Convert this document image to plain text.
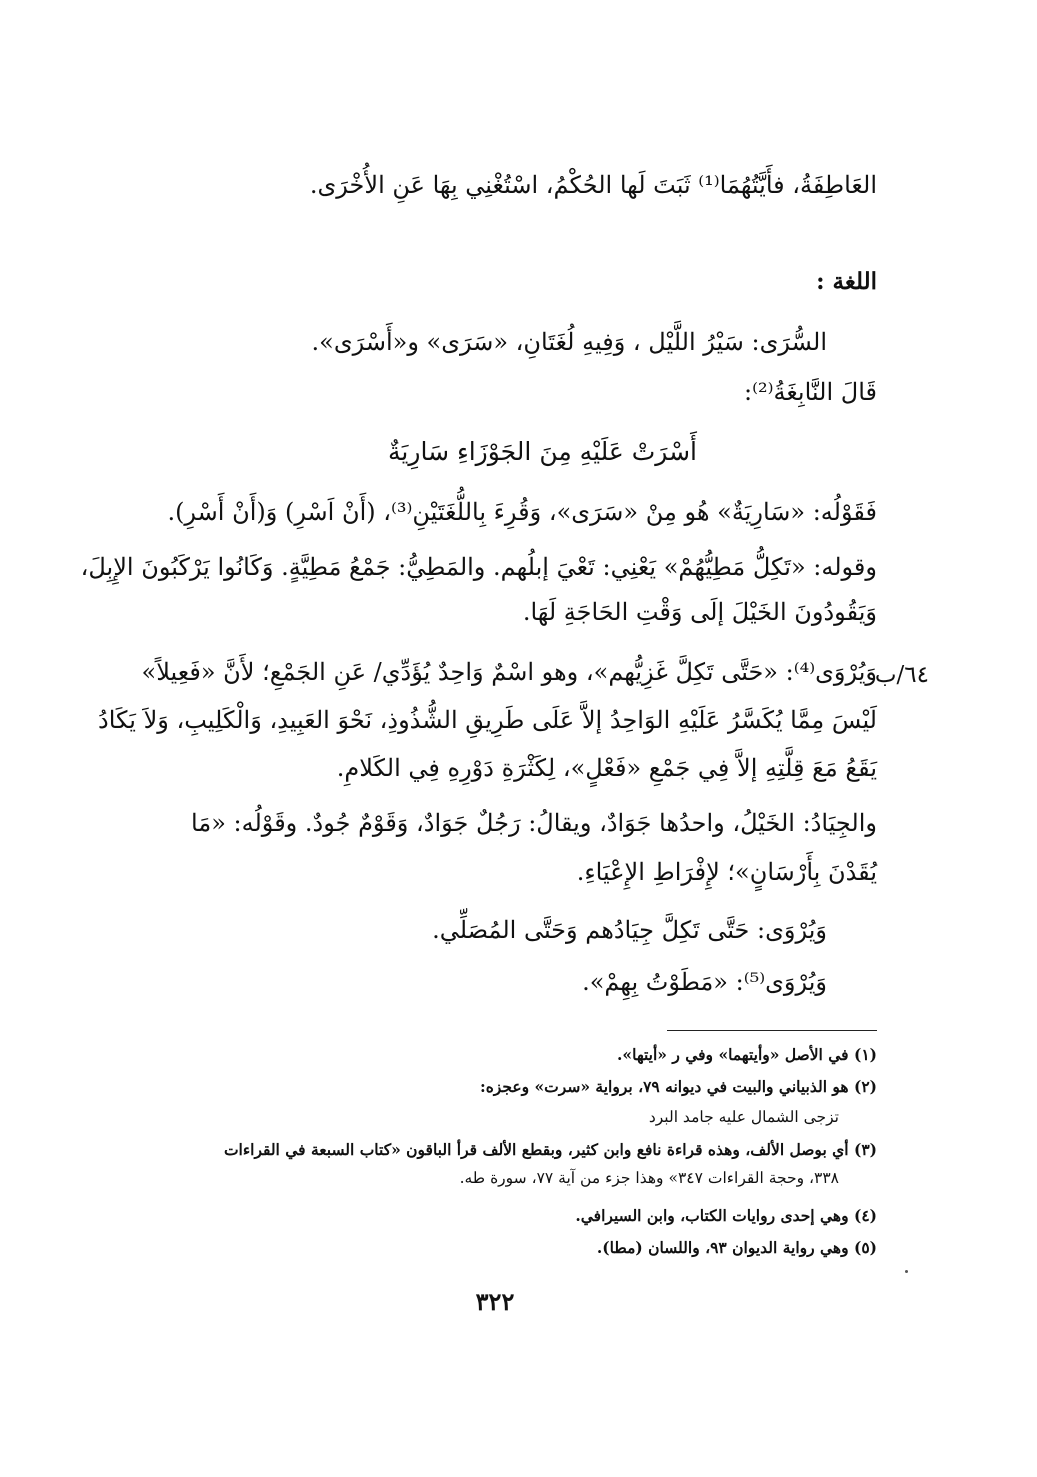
العَاطِفَةُ، فأَيَّتُهُمَا⁽¹⁾ ثَبَتَ لَها الحُكْمُ، اسْتُغْنِي بِهَا عَنِ الأُخْرَى.
اللغة :
السُّرَى: سَيْرُ اللَّيْل ، وَفِيهِ لُغَتَانِ، «سَرَى» و«أَسْرَى».
قَالَ النَّابِغَةُ⁽²⁾:
أَسْرَتْ عَلَيْهِ مِنَ الجَوْزَاءِ سَارِيَةٌ
فَقَوْلُه: «سَارِيَةٌ» هُو مِنْ «سَرَى»، وَقُرِءَ بِاللُّغَتَيْنِ⁽³⁾، (أَنْ اَسْرِ) وَ(أَنْ أَسْرِ).
وقوله: «تَكِلُّ مَطِيُّهُمْ» يَعْنِي: تَعْيَ إبلُهم. والمَطِيُّ: جَمْعُ مَطِيَّةٍ. وَكَانُوا يَرْكَبُونَ الإِبِلَ،
وَيَقُودُونَ الخَيْلَ إلَى وَقْتِ الحَاجَةِ لَهَا.
٦٤/ب
وَيُرْوَى⁽⁴⁾: «حَتَّى تَكِلَّ غَزِيُّهم»، وهو اسْمٌ وَاحِدٌ يُؤَدِّي/ عَنِ الجَمْعِ؛ لأَنَّ «فَعِيلاً»
لَيْسَ مِمَّا يُكَسَّرُ عَلَيْهِ الوَاحِدُ إلاَّ عَلَى طَرِيقِ الشُّذُوذِ، نَحْوَ العَبِيدِ، وَالْكَلِيبِ، وَلاَ يَكَادُ
يَقَعُ مَعَ قِلَّتِهِ إلاَّ فِي جَمْعِ «فَعْلٍ»، لِكَثْرَةِ دَوْرِهِ فِي الكَلامِ.
والجِيَادُ: الخَيْلُ، واحدُها جَوَادٌ، ويقالُ: رَجُلٌ جَوَادٌ، وَقَوْمٌ جُودٌ. وقَوْلُه: «مَا
يُقَدْنَ بِأَرْسَانٍ»؛ لإِفْرَاطِ الإِعْيَاءِ.
وَيُرْوَى: حَتَّى تَكِلَّ جِيَادُهم وَحَتَّى المُصَلِّي.
وَيُرْوَى⁽⁵⁾: «مَطَوْتُ بِهِمْ».
(١) في الأصل «وأيتهما» وفي ر «أيتها».
(٢) هو الذبياني والبيت في ديوانه ٧٩، برواية «سرت» وعجزه:
تزجى الشمال عليه جامد البرد
(٣) أي بوصل الألف، وهذه قراءة نافع وابن كثير، وبقطع الألف قرأ الباقون «كتاب السبعة في القراءات
٣٣٨، وحجة القراءات ٣٤٧» وهذا جزء من آية ٧٧، سورة طه.
(٤) وهي إحدى روايات الكتاب، وابن السيرافي.
(٥) وهي رواية الديوان ٩٣، واللسان (مطا).
٣٢٢
